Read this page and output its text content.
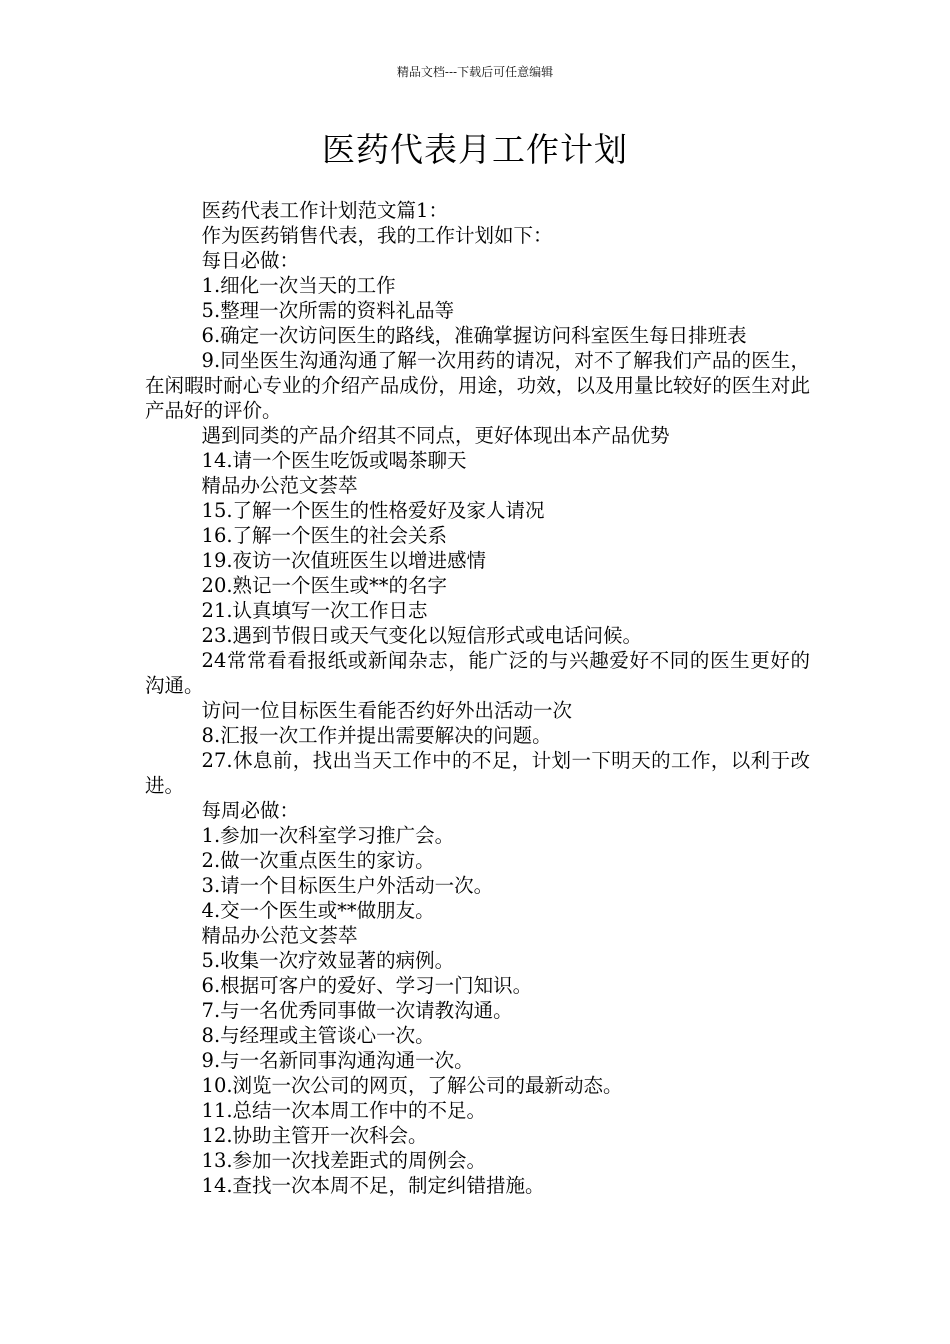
精品文档---下载后可任意编辑
医药代表月工作计划

医药代表工作计划范文篇1：

作为医药销售代表，我的工作计划如下：

每日必做：

1.细化一次当天的工作

5.整理一次所需的资料礼品等

6.确定一次访问医生的路线，准确掌握访问科室医生每日排班表

9.同坐医生沟通沟通了解一次用药的请况，对不了解我们产品的医生，在闲暇时耐心专业的介绍产品成份，用途，功效，以及用量比较好的医生对此产品好的评价。

遇到同类的产品介绍其不同点，更好体现出本产品优势

14.请一个医生吃饭或喝茶聊天

精品办公范文荟萃

15.了解一个医生的性格爱好及家人请况

16.了解一个医生的社会关系

19.夜访一次值班医生以增进感情

20.熟记一个医生或**的名字

21.认真填写一次工作日志

23.遇到节假日或天气变化以短信形式或电话问候。

24常常看看报纸或新闻杂志，能广泛的与兴趣爱好不同的医生更好的沟通。

访问一位目标医生看能否约好外出活动一次

8.汇报一次工作并提出需要解决的问题。

27.休息前，找出当天工作中的不足，计划一下明天的工作，以利于改进。

每周必做：

1.参加一次科室学习推广会。

2.做一次重点医生的家访。

3.请一个目标医生户外活动一次。

4.交一个医生或**做朋友。

精品办公范文荟萃

5.收集一次疗效显著的病例。

6.根据可客户的爱好、学习一门知识。

7.与一名优秀同事做一次请教沟通。

8.与经理或主管谈心一次。

9.与一名新同事沟通沟通一次。

10.浏览一次公司的网页，了解公司的最新动态。

11.总结一次本周工作中的不足。

12.协助主管开一次科会。

13.参加一次找差距式的周例会。

14.查找一次本周不足，制定纠错措施。
